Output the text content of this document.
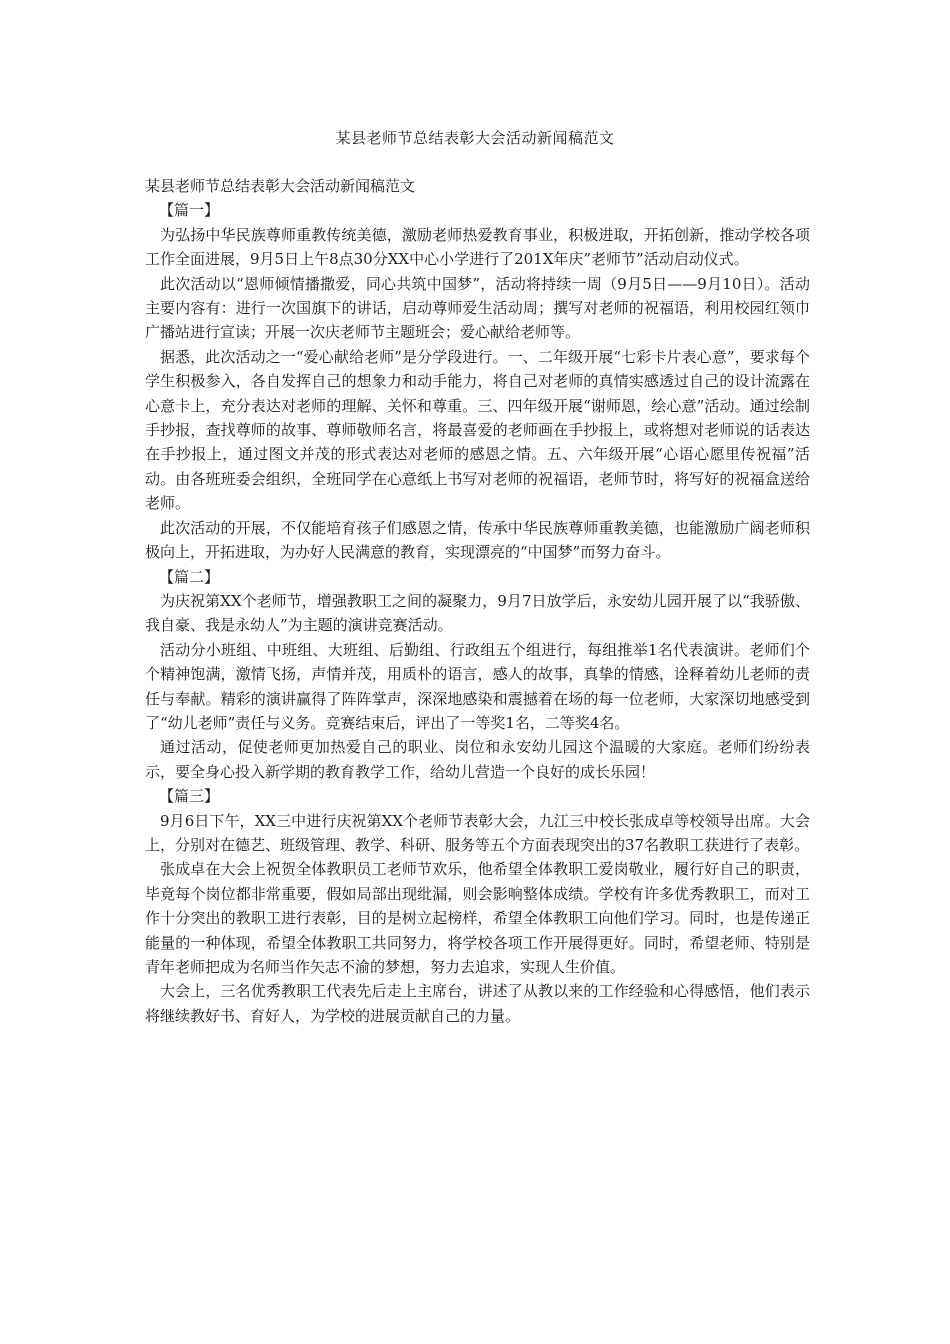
某县老师节总结表彰大会活动新闻稿范文

某县老师节总结表彰大会活动新闻稿范文

【篇一】

为弘扬中华民族尊师重教传统美德，激励老师热爱教育事业，积极进取，开拓创新，推动学校各项工作全面进展，9月5日上午8点30分XX中心小学进行了201X年庆”老师节”活动启动仪式。

此次活动以“恩师倾情播撒爱，同心共筑中国梦”，活动将持续一周（9月5日——9月10日）。活动主要内容有：进行一次国旗下的讲话，启动尊师爱生活动周；撰写对老师的祝福语，利用校园红领巾广播站进行宣读；开展一次庆老师节主题班会；爱心献给老师等。

据悉，此次活动之一“爱心献给老师”是分学段进行。一、二年级开展“七彩卡片表心意”，要求每个学生积极参入，各自发挥自己的想象力和动手能力，将自己对老师的真情实感透过自己的设计流露在心意卡上，充分表达对老师的理解、关怀和尊重。三、四年级开展“谢师恩，绘心意”活动。通过绘制手抄报，查找尊师的故事、尊师敬师名言，将最喜爱的老师画在手抄报上，或将想对老师说的话表达在手抄报上，通过图文并茂的形式表达对老师的感恩之情。五、六年级开展“心语心愿里传祝福”活动。由各班班委会组织，全班同学在心意纸上书写对老师的祝福语，老师节时，将写好的祝福盒送给老师。

此次活动的开展，不仅能培育孩子们感恩之情，传承中华民族尊师重教美德，也能激励广阔老师积极向上，开拓进取，为办好人民满意的教育，实现漂亮的“中国梦”而努力奋斗。

【篇二】

为庆祝第XX个老师节，增强教职工之间的凝聚力，9月7日放学后，永安幼儿园开展了以“我骄傲、我自豪、我是永幼人”为主题的演讲竞赛活动。

活动分小班组、中班组、大班组、后勤组、行政组五个组进行，每组推举1名代表演讲。老师们个个精神饱满，激情飞扬，声情并茂，用质朴的语言，感人的故事，真挚的情感，诠释着幼儿老师的责任与奉献。精彩的演讲赢得了阵阵掌声，深深地感染和震撼着在场的每一位老师，大家深切地感受到了“幼儿老师”责任与义务。竞赛结束后，评出了一等奖1名，二等奖4名。

通过活动，促使老师更加热爱自己的职业、岗位和永安幼儿园这个温暖的大家庭。老师们纷纷表示，要全身心投入新学期的教育教学工作，给幼儿营造一个良好的成长乐园！

【篇三】

9月6日下午，XX三中进行庆祝第XX个老师节表彰大会，九江三中校长张成卓等校领导出席。大会上，分别对在德艺、班级管理、教学、科研、服务等五个方面表现突出的37名教职工获进行了表彰。

张成卓在大会上祝贺全体教职员工老师节欢乐，他希望全体教职工爱岗敬业，履行好自己的职责，毕竟每个岗位都非常重要，假如局部出现纰漏，则会影响整体成绩。学校有许多优秀教职工，而对工作十分突出的教职工进行表彰，目的是树立起榜样，希望全体教职工向他们学习。同时，也是传递正能量的一种体现，希望全体教职工共同努力，将学校各项工作开展得更好。同时，希望老师、特别是青年老师把成为名师当作矢志不渝的梦想，努力去追求，实现人生价值。

大会上，三名优秀教职工代表先后走上主席台，讲述了从教以来的工作经验和心得感悟，他们表示将继续教好书、育好人，为学校的进展贡献自己的力量。
